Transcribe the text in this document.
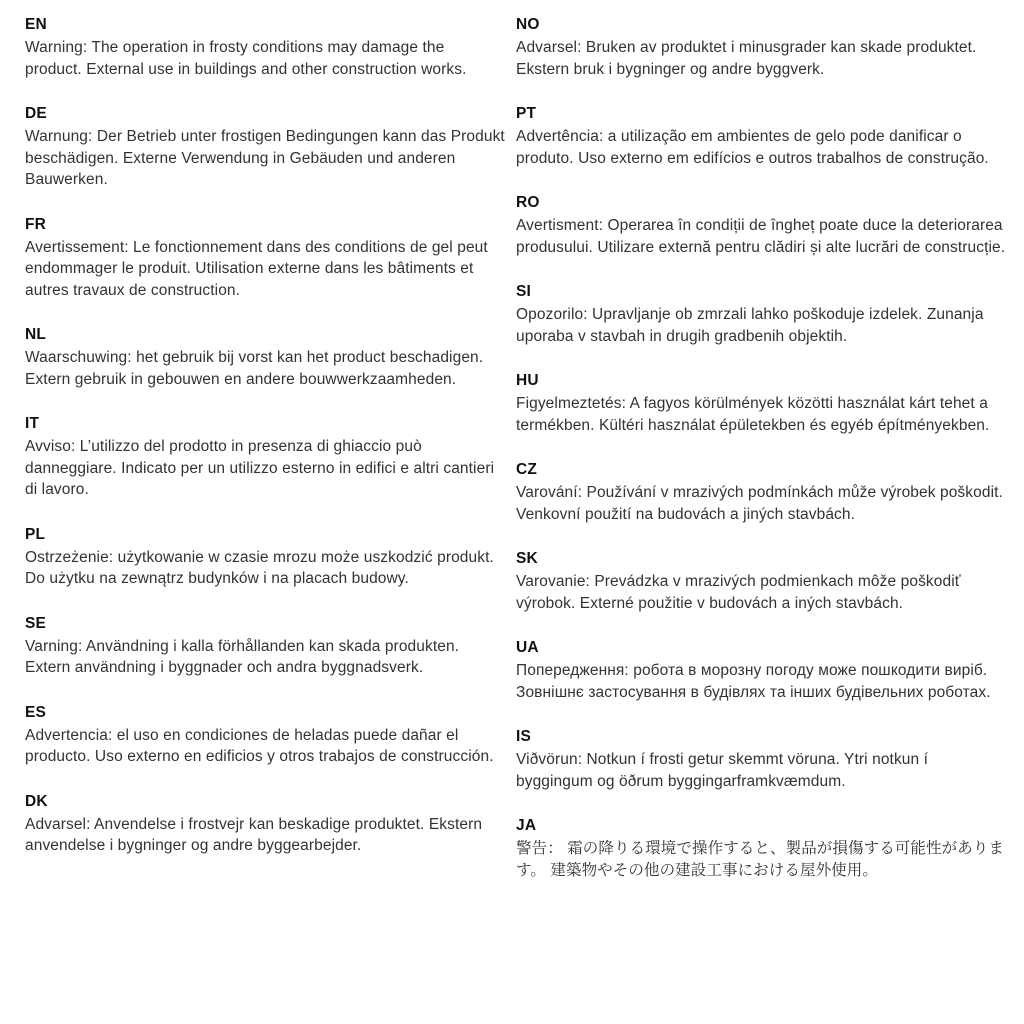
EN

Warning: The operation in frosty conditions may damage the product. External use in buildings and other construction works.

DE

Warnung: Der Betrieb unter frostigen Bedingungen kann das Produkt beschädigen. Externe Verwendung in Gebäuden und anderen Bauwerken.

FR

Avertissement: Le fonctionnement dans des conditions de gel peut endommager le produit. Utilisation externe dans les bâtiments et autres travaux de construction.

NL

Waarschuwing: het gebruik bij vorst kan het product beschadigen. Extern gebruik in gebouwen en andere bouwwerkzaamheden.

IT

Avviso: L’utilizzo del prodotto in presenza di ghiaccio può danneggiare. Indicato per un utilizzo esterno in edifici e altri cantieri di lavoro.

PL

Ostrzeżenie: użytkowanie w czasie mrozu może uszkodzić produkt. Do użytku na zewnątrz budynków i na placach budowy.

SE

Varning: Användning i kalla förhållanden kan skada produkten. Extern användning i byggnader och andra byggnadsverk.

ES

Advertencia: el uso en condiciones de heladas puede dañar el producto. Uso externo en edificios y otros trabajos de construcción.

DK

Advarsel: Anvendelse i frostvejr kan beskadige produktet. Ekstern anvendelse i bygninger og andre byggearbejder.

NO

Advarsel: Bruken av produktet i minusgrader kan skade produktet. Ekstern bruk i bygninger og andre byggverk.

PT

Advertência: a utilização em ambientes de gelo pode danificar o produto. Uso externo em edifícios e outros trabalhos de construção.

RO

Avertisment: Operarea în condiții de îngheț poate duce la deteriorarea produsului. Utilizare externă pentru clădiri și alte lucrări de construcție.

SI

Opozorilo: Upravljanje ob zmrzali lahko poškoduje izdelek. Zunanja uporaba v stavbah in drugih gradbenih objektih.

HU

Figyelmeztetés: A fagyos körülmények közötti használat kárt tehet a termékben. Kültéri használat épületekben és egyéb építményekben.

CZ

Varování: Používání v mrazivých podmínkách může výrobek poškodit. Venkovní použití na budovách a jiných stavbách.

SK

Varovanie: Prevádzka v mrazivých podmienkach môže poškodiť výrobok. Externé použitie v budovách a iných stavbách.

UA

Попередження: робота в морозну погоду може пошкодити виріб. Зовнішнє застосування в будівлях та інших будівельних роботах.

IS

Viðvörun: Notkun í frosti getur skemmt vöruna. Ytri notkun í byggingum og öðrum byggingarframkvæmdum.

JA

警告： 霜の降りる環境で操作すると、製品が損傷する可能性があります。 建築物やその他の建設工事における屋外使用。
